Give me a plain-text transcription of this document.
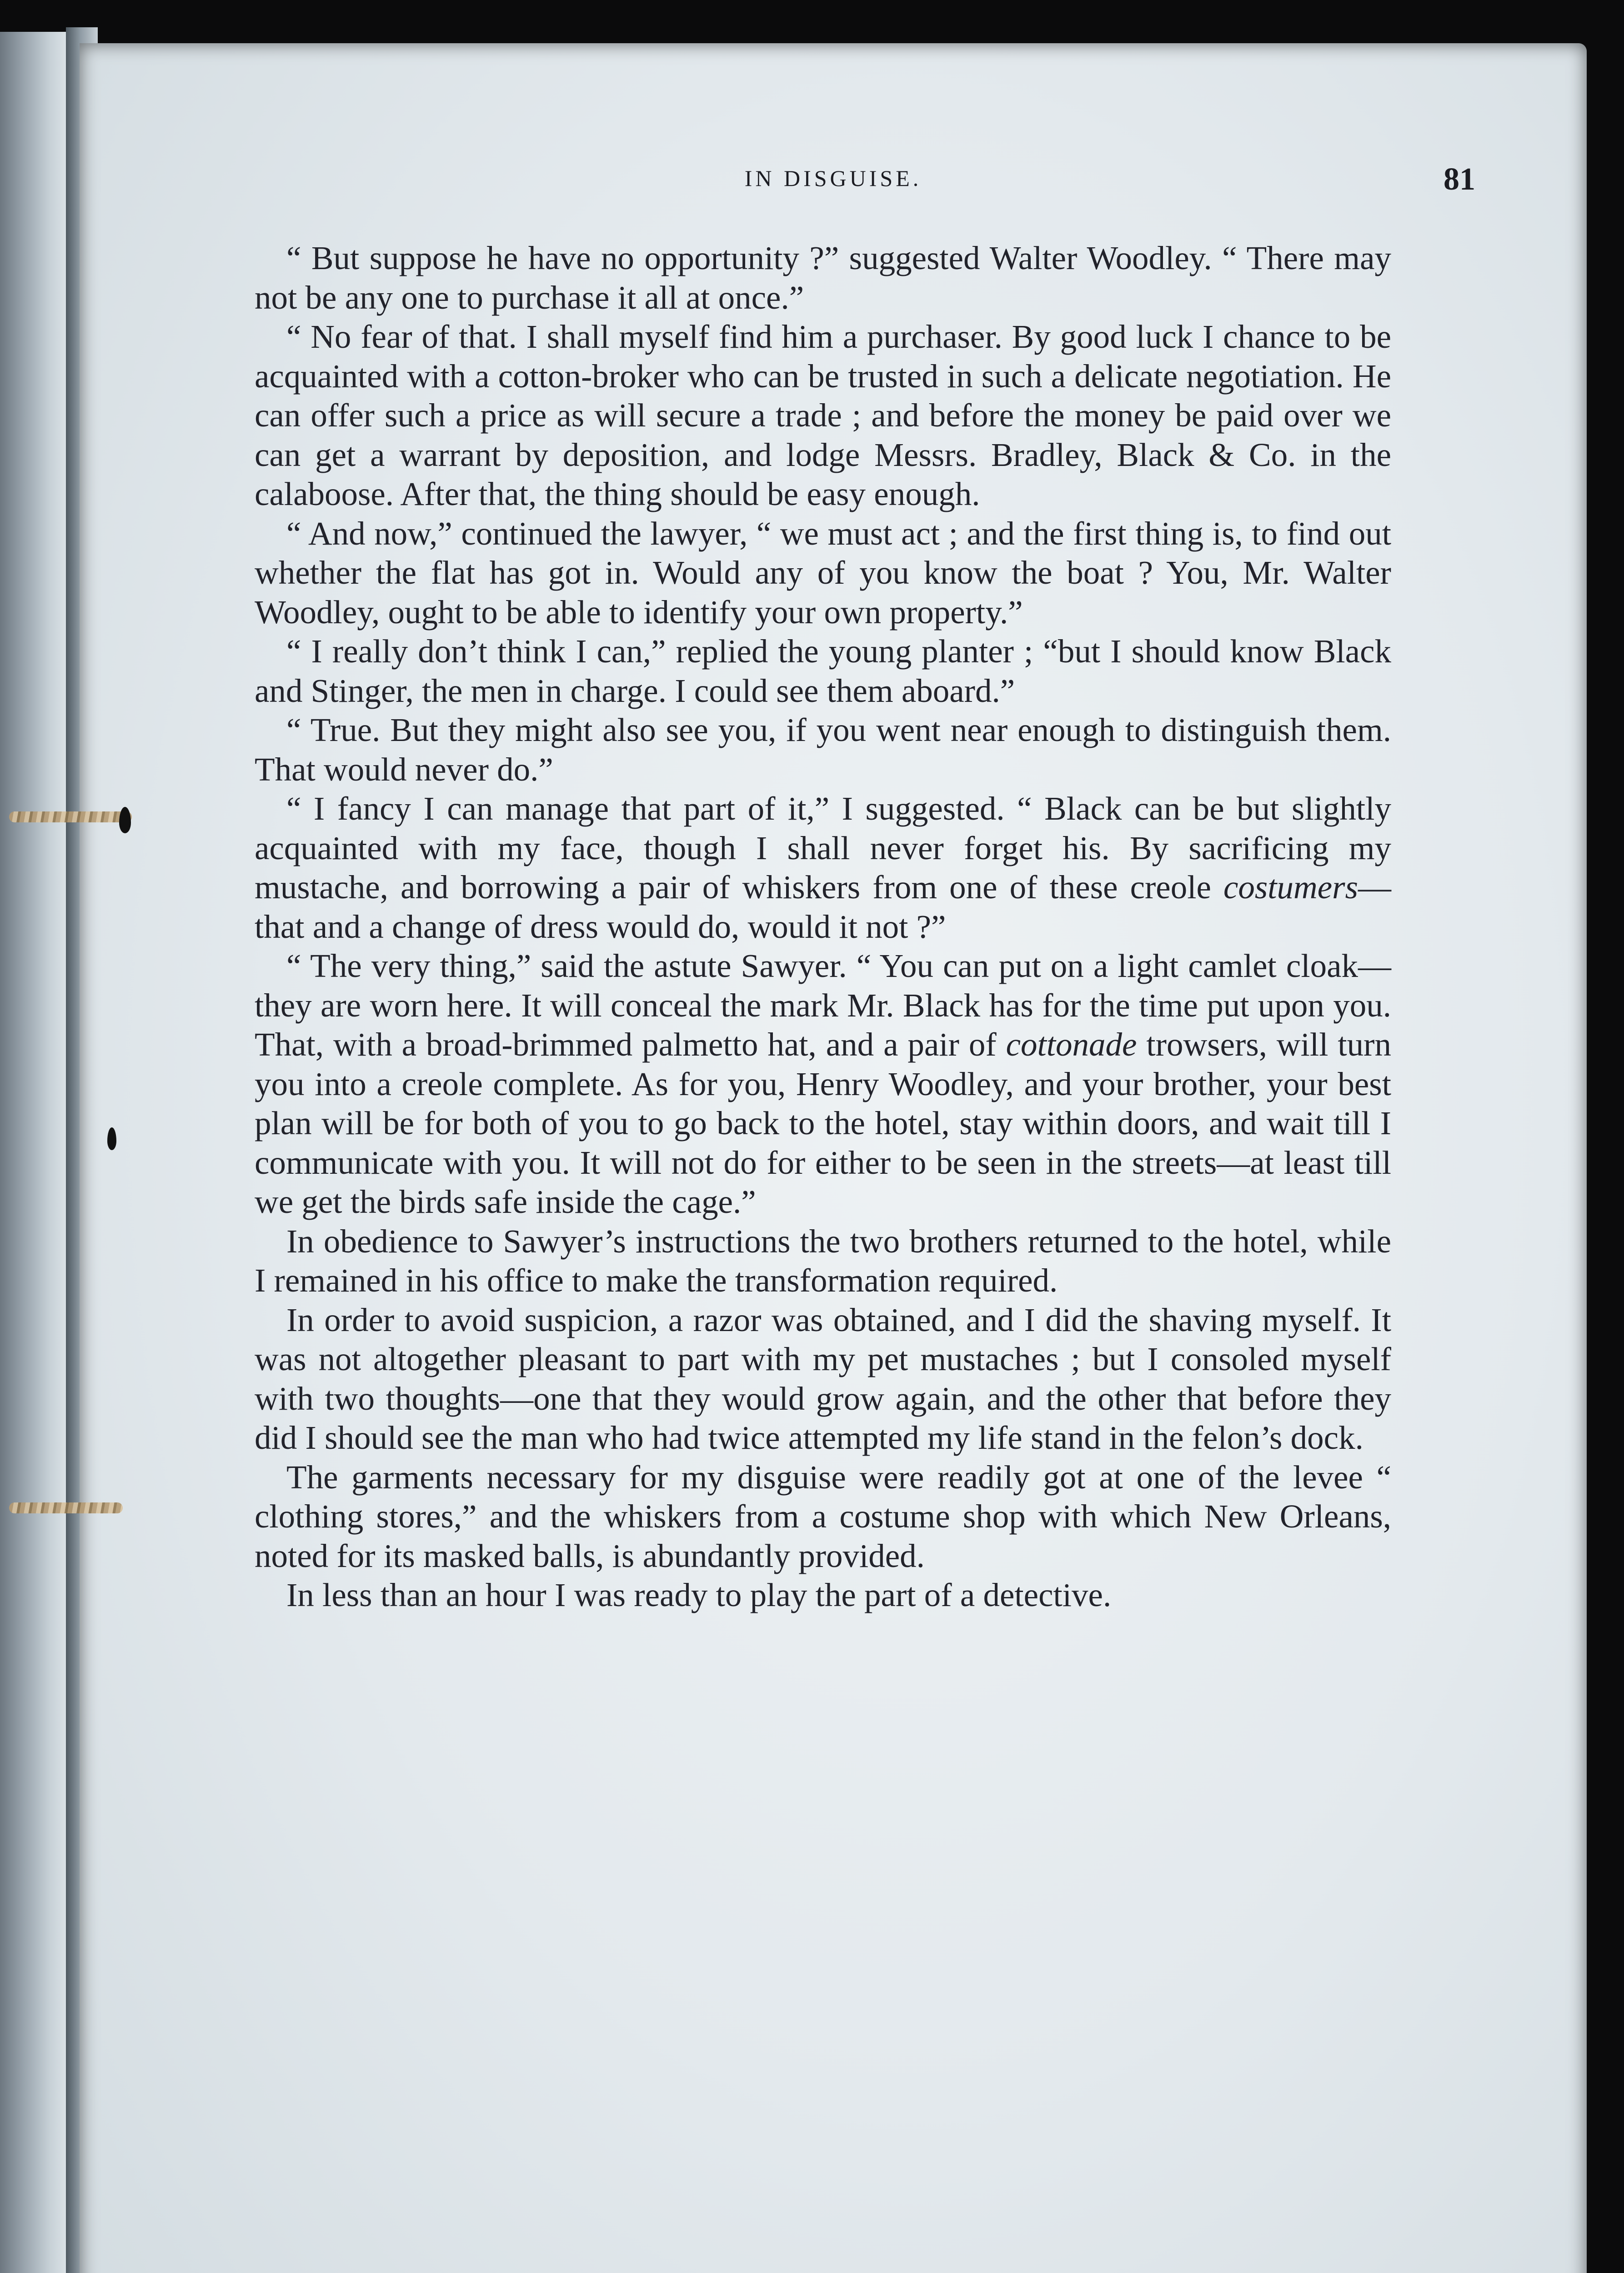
IN DISGUISE.	81

“ But suppose he have no opportunity ?” suggested Walter Woodley. “ There may not be any one to purchase it all at once.”

“ No fear of that. I shall myself find him a purchaser. By good luck I chance to be acquainted with a cotton-broker who can be trusted in such a delicate negotiation. He can offer such a price as will secure a trade ; and before the money be paid over we can get a warrant by deposition, and lodge Messrs. Bradley, Black & Co. in the calaboose. After that, the thing should be easy enough.

“ And now,” continued the lawyer, “ we must act ; and the first thing is, to find out whether the flat has got in. Would any of you know the boat ? You, Mr. Walter Woodley, ought to be able to identify your own property.”

“ I really don’t think I can,” replied the young planter ; “but I should know Black and Stinger, the men in charge. I could see them aboard.”

“ True. But they might also see you, if you went near enough to distinguish them. That would never do.”

“ I fancy I can manage that part of it,” I suggested. “ Black can be but slightly acquainted with my face, though I shall never forget his. By sacrificing my mustache, and borrowing a pair of whiskers from one of these creole costumers—that and a change of dress would do, would it not ?”

“ The very thing,” said the astute Sawyer. “ You can put on a light camlet cloak—they are worn here. It will conceal the mark Mr. Black has for the time put upon you. That, with a broad-brimmed palmetto hat, and a pair of cottonade trowsers, will turn you into a creole complete. As for you, Henry Woodley, and your brother, your best plan will be for both of you to go back to the hotel, stay within doors, and wait till I communicate with you. It will not do for either to be seen in the streets—at least till we get the birds safe inside the cage.”

In obedience to Sawyer’s instructions the two brothers returned to the hotel, while I remained in his office to make the transformation required.

In order to avoid suspicion, a razor was obtained, and I did the shaving myself. It was not altogether pleasant to part with my pet mustaches ; but I consoled myself with two thoughts—one that they would grow again, and the other that before they did I should see the man who had twice attempted my life stand in the felon’s dock.

The garments necessary for my disguise were readily got at one of the levee “ clothing stores,” and the whiskers from a costume shop with which New Orleans, noted for its masked balls, is abundantly provided.

In less than an hour I was ready to play the part of a detective.
